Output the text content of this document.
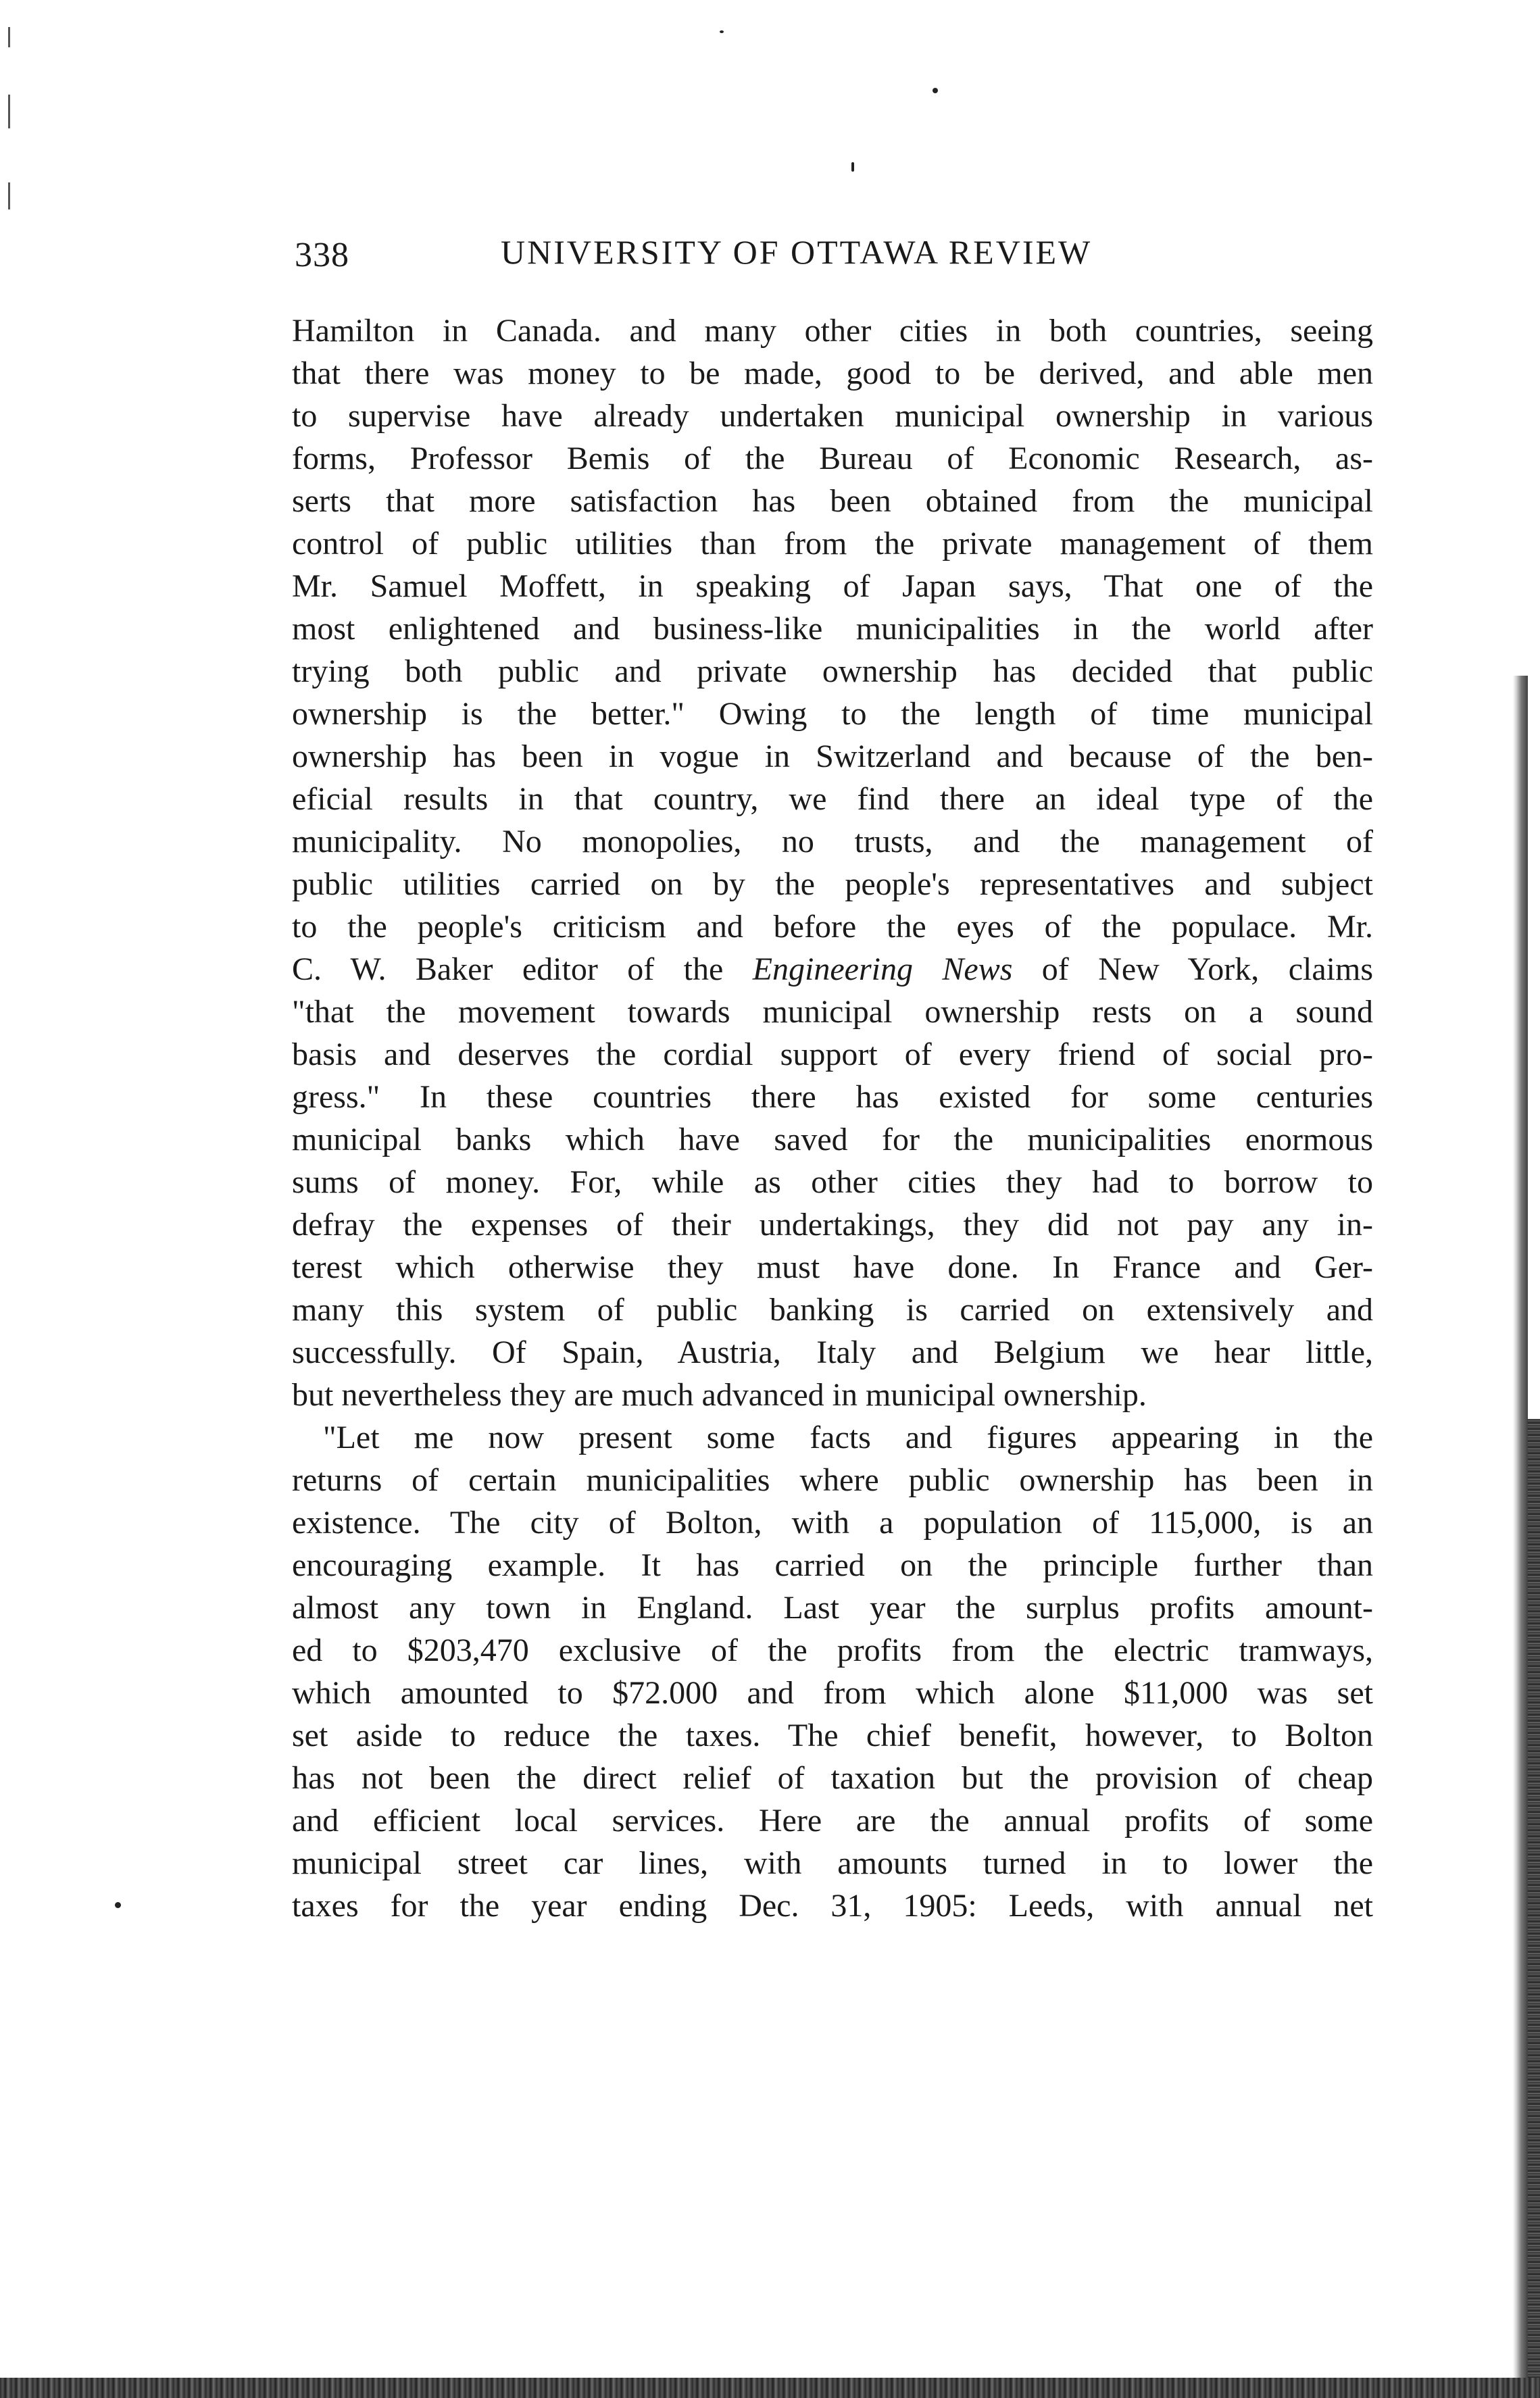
338	UNIVERSITY OF OTTAWA REVIEW
Hamilton in Canada. and many other cities in both countries, seeing
that there was money to be made, good to be derived, and able men
to supervise have already undertaken municipal ownership in various
forms, Professor Bemis of the Bureau of Economic Research, as-
serts that more satisfaction has been obtained from the municipal
control of public utilities than from the private management of them
Mr. Samuel Moffett, in speaking of Japan says, That one of the
most enlightened and business-like municipalities in the world after
trying both public and private ownership has decided that public
ownership is the better." Owing to the length of time municipal
ownership has been in vogue in Switzerland and because of the ben-
eficial results in that country, we find there an ideal type of the
municipality. No monopolies, no trusts, and the management of
public utilities carried on by the people's representatives and subject
to the people's criticism and before the eyes of the populace. Mr.
C. W. Baker editor of the Engineering News of New York, claims
"that the movement towards municipal ownership rests on a sound
basis and deserves the cordial support of every friend of social pro-
gress." In these countries there has existed for some centuries
municipal banks which have saved for the municipalities enormous
sums of money. For, while as other cities they had to borrow to
defray the expenses of their undertakings, they did not pay any in-
terest which otherwise they must have done. In France and Ger-
many this system of public banking is carried on extensively and
successfully. Of Spain, Austria, Italy and Belgium we hear little,
but nevertheless they are much advanced in municipal ownership.
"Let me now present some facts and figures appearing in the
returns of certain municipalities where public ownership has been in
existence. The city of Bolton, with a population of 115,000, is an
encouraging example. It has carried on the principle further than
almost any town in England. Last year the surplus profits amount-
ed to $203,470 exclusive of the profits from the electric tramways,
which amounted to $72.000 and from which alone $11,000 was set
set aside to reduce the taxes. The chief benefit, however, to Bolton
has not been the direct relief of taxation but the provision of cheap
and efficient local services. Here are the annual profits of some
municipal street car lines, with amounts turned in to lower the
taxes for the year ending Dec. 31, 1905: Leeds, with annual net
